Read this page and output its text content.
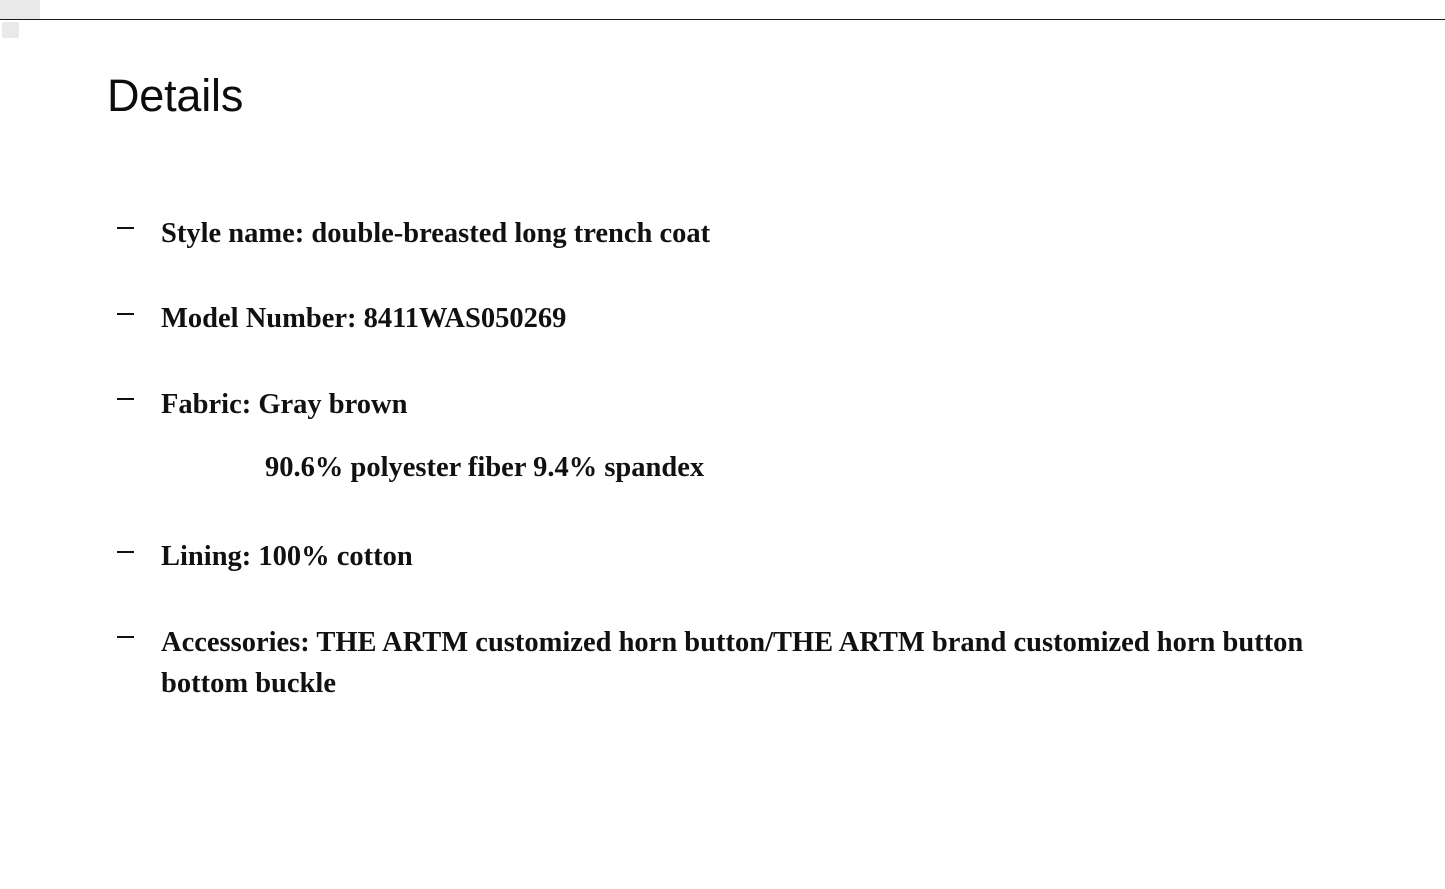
Details
Style name: double-breasted long trench coat
Model Number: 8411WAS050269
Fabric: Gray brown
90.6% polyester fiber 9.4% spandex
Lining: 100% cotton
Accessories: THE ARTM customized horn button/THE ARTM brand customized horn button bottom buckle
